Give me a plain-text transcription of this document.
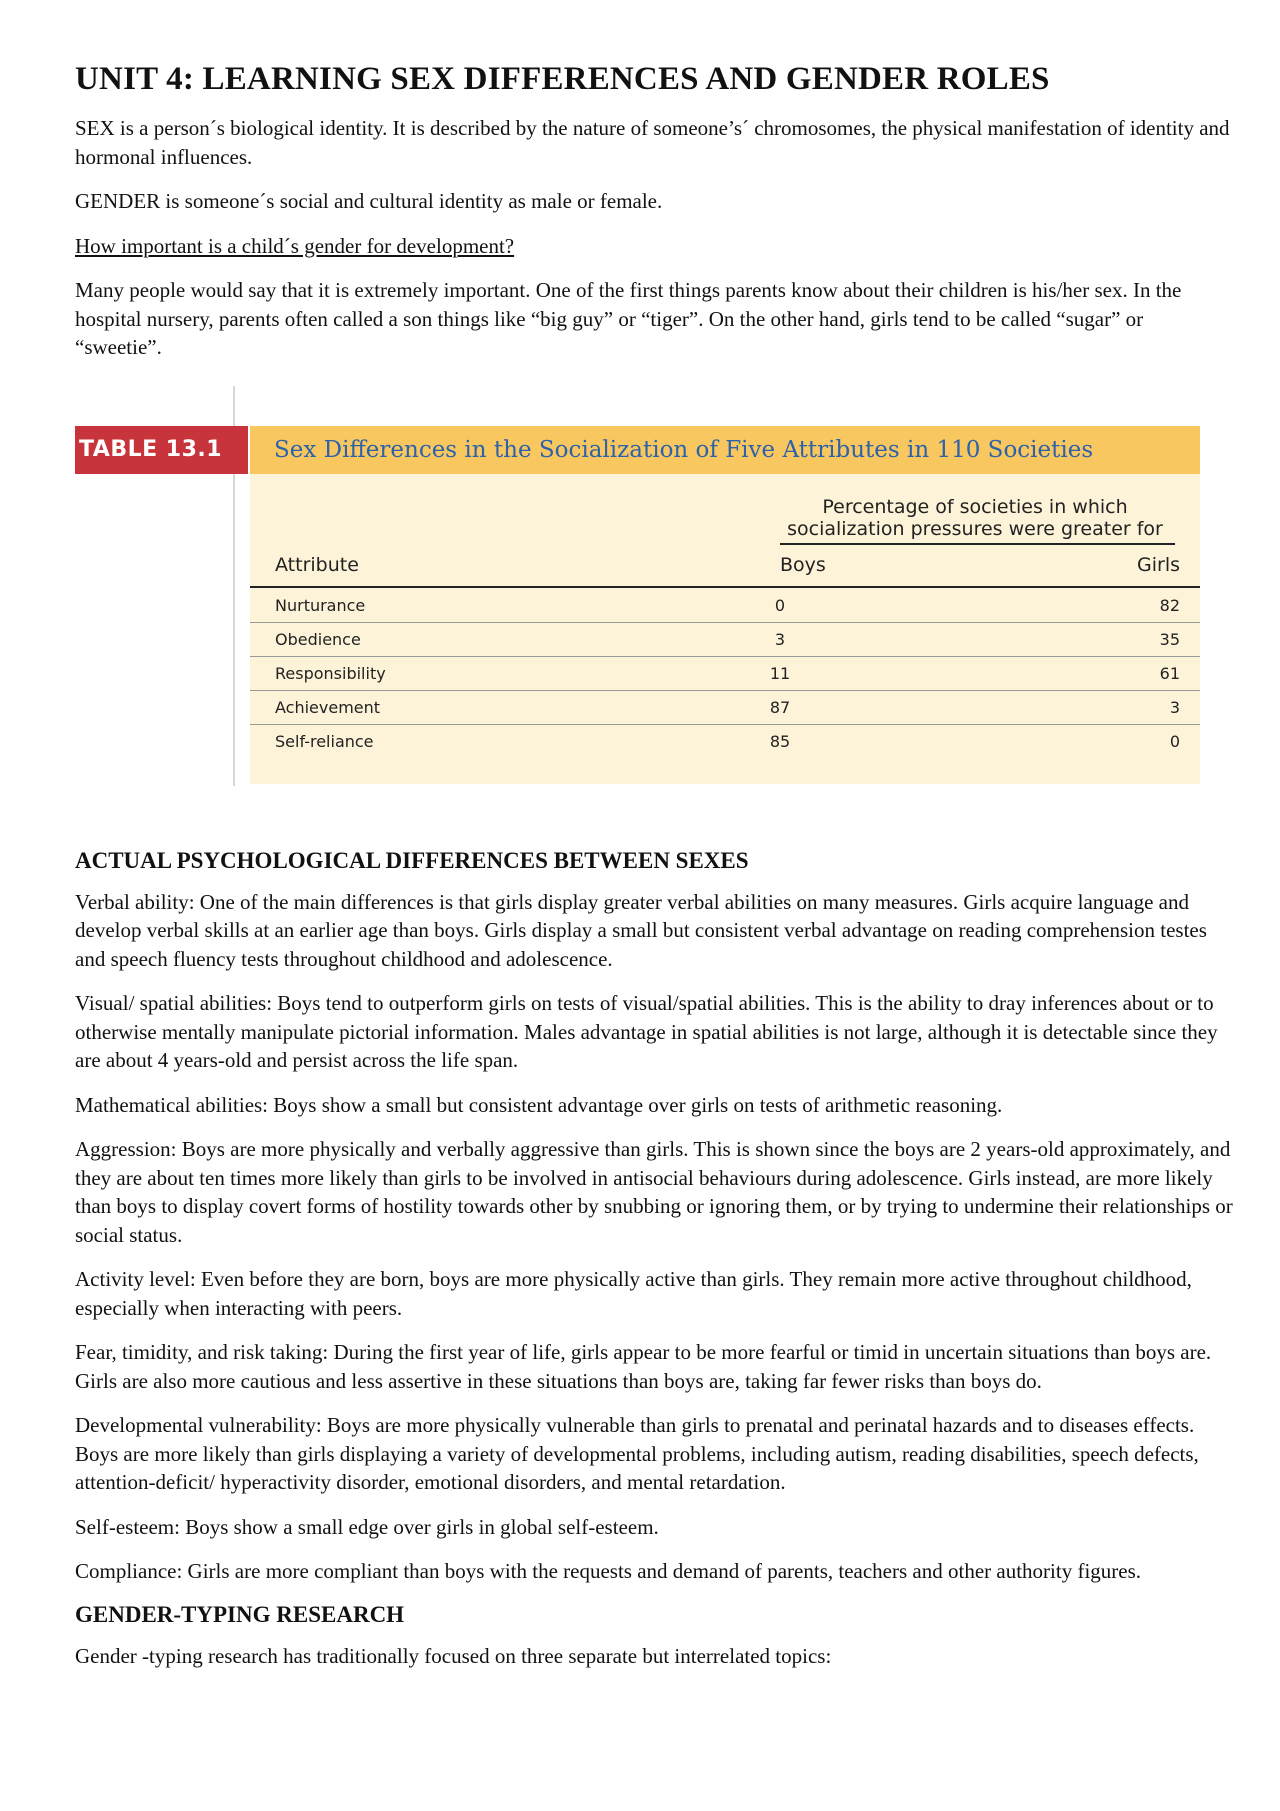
UNIT 4: LEARNING SEX DIFFERENCES AND GENDER ROLES

SEX is a person´s biological identity. It is described by the nature of someone’s´ chromosomes, the physical manifestation of identity and hormonal influences.

GENDER is someone´s social and cultural identity as male or female.

How important is a child´s gender for development?

Many people would say that it is extremely important. One of the first things parents know about their children is his/her sex. In the hospital nursery, parents often called a son things like “big guy” or “tiger”. On the other hand, girls tend to be called “sugar” or “sweetie”.

TABLE 13.1	Sex Differences in the Socialization of Five Attributes in 110 Societies
Percentage of societies in which
socialization pressures were greater for
Attribute	Boys	Girls
Nurturance	0	82
Obedience	3	35
Responsibility	11	61
Achievement	87	3
Self-reliance	85	0
ACTUAL PSYCHOLOGICAL DIFFERENCES BETWEEN SEXES

Verbal ability: One of the main differences is that girls display greater verbal abilities on many measures. Girls acquire language and develop verbal skills at an earlier age than boys. Girls display a small but consistent verbal advantage on reading comprehension testes and speech fluency tests throughout childhood and adolescence.

Visual/ spatial abilities: Boys tend to outperform girls on tests of visual/spatial abilities. This is the ability to dray inferences about or to otherwise mentally manipulate pictorial information. Males advantage in spatial abilities is not large, although it is detectable since they are about 4 years-old and persist across the life span.

Mathematical abilities: Boys show a small but consistent advantage over girls on tests of arithmetic reasoning.

Aggression: Boys are more physically and verbally aggressive than girls. This is shown since the boys are 2 years-old approximately, and they are about ten times more likely than girls to be involved in antisocial behaviours during adolescence. Girls instead, are more likely than boys to display covert forms of hostility towards other by snubbing or ignoring them, or by trying to undermine their relationships or social status.

Activity level: Even before they are born, boys are more physically active than girls. They remain more active throughout childhood, especially when interacting with peers.

Fear, timidity, and risk taking: During the first year of life, girls appear to be more fearful or timid in uncertain situations than boys are. Girls are also more cautious and less assertive in these situations than boys are, taking far fewer risks than boys do.

Developmental vulnerability: Boys are more physically vulnerable than girls to prenatal and perinatal hazards and to diseases effects. Boys are more likely than girls displaying a variety of developmental problems, including autism, reading disabilities, speech defects, attention-deficit/ hyperactivity disorder, emotional disorders, and mental retardation.

Self-esteem: Boys show a small edge over girls in global self-esteem.

Compliance: Girls are more compliant than boys with the requests and demand of parents, teachers and other authority figures.

GENDER-TYPING RESEARCH

Gender -typing research has traditionally focused on three separate but interrelated topics:
